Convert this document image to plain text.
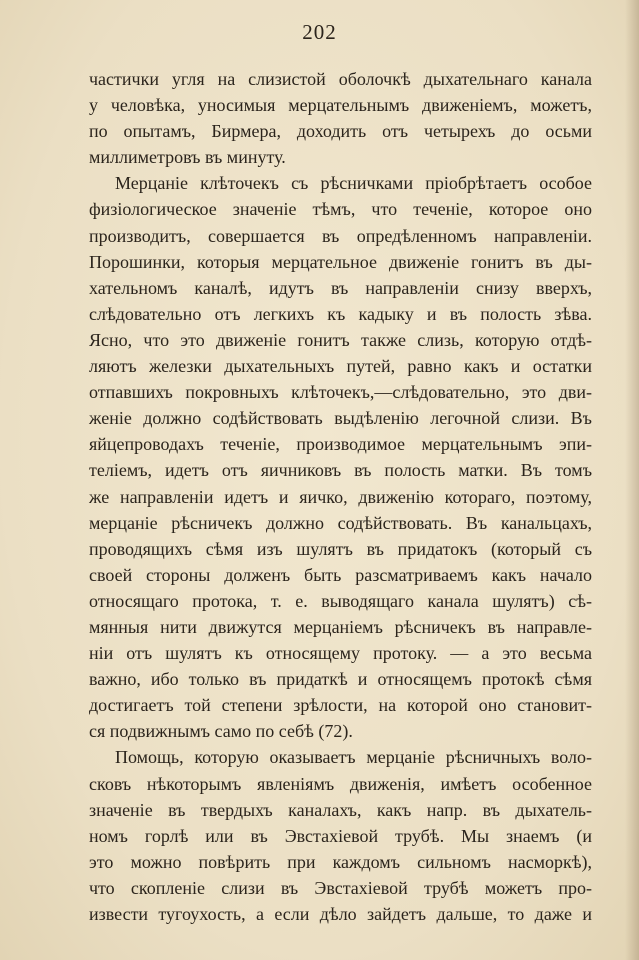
202
частички угля на слизистой оболочкѣ дыхательнаго канала
у человѣка, уносимыя мерцательнымъ движеніемъ, можетъ,
по опытамъ, Бирмера, доходить отъ четырехъ до осьми
миллиметровъ въ минуту.
Мерцаніе клѣточекъ съ рѣсничками пріобрѣтаетъ особое
физіологическое значеніе тѣмъ, что теченіе, которое оно
производитъ, совершается въ опредѣленномъ направленіи.
Порошинки, которыя мерцательное движеніе гонитъ въ ды-
хательномъ каналѣ, идутъ въ направленіи снизу вверхъ,
слѣдовательно отъ легкихъ къ кадыку и въ полость зѣва.
Ясно, что это движеніе гонитъ также слизь, которую отдѣ-
ляютъ железки дыхательныхъ путей, равно какъ и остатки
отпавшихъ покровныхъ клѣточекъ,—слѣдовательно, это дви-
женіе должно содѣйствовать выдѣленію легочной слизи. Въ
яйцепроводахъ теченіе, производимое мерцательнымъ эпи-
теліемъ, идетъ отъ яичниковъ въ полость матки. Въ томъ
же направленіи идетъ и яичко, движенію котораго, поэтому,
мерцаніе рѣсничекъ должно содѣйствовать. Въ канальцахъ,
проводящихъ сѣмя изъ шулятъ въ придатокъ (который съ
своей стороны долженъ быть разсматриваемъ какъ начало
относящаго протока, т. е. выводящаго канала шулятъ) сѣ-
мянныя нити движутся мерцаніемъ рѣсничекъ въ направле-
ніи отъ шулятъ къ относящему протоку. — а это весьма
важно, ибо только въ придаткѣ и относящемъ протокѣ сѣмя
достигаетъ той степени зрѣлости, на которой оно становит-
ся подвижнымъ само по себѣ (72).
Помощь, которую оказываетъ мерцаніе рѣсничныхъ воло-
сковъ нѣкоторымъ явленіямъ движенія, имѣетъ особенное
значеніе въ твердыхъ каналахъ, какъ напр. въ дыхатель-
номъ горлѣ или въ Эвстахіевой трубѣ. Мы знаемъ (и
это можно повѣрить при каждомъ сильномъ насморкѣ),
что скопленіе слизи въ Эвстахіевой трубѣ можетъ про-
извести тугоухость, а если дѣло зайдетъ дальше, то даже и
